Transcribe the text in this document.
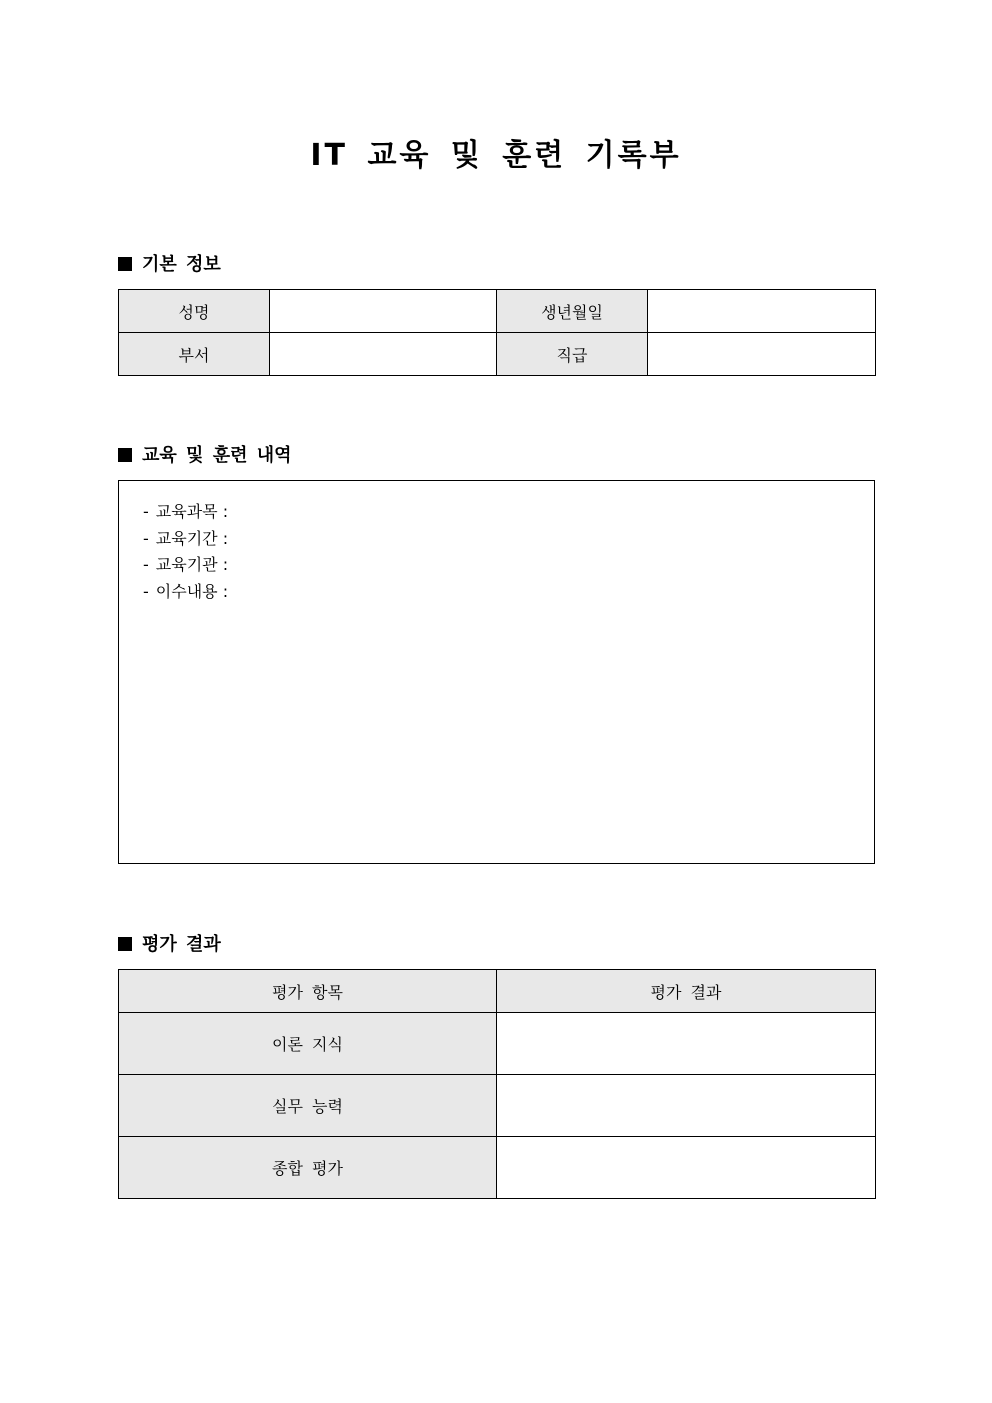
IT 교육 및 훈련 기록부
기본 정보
성명		생년월일	
부서		직급	
교육 및 훈련 내역
- 교육과목 :
- 교육기간 :
- 교육기관 :
- 이수내용 :
평가 결과
평가 항목	평가 결과
이론 지식	
실무 능력	
종합 평가	
